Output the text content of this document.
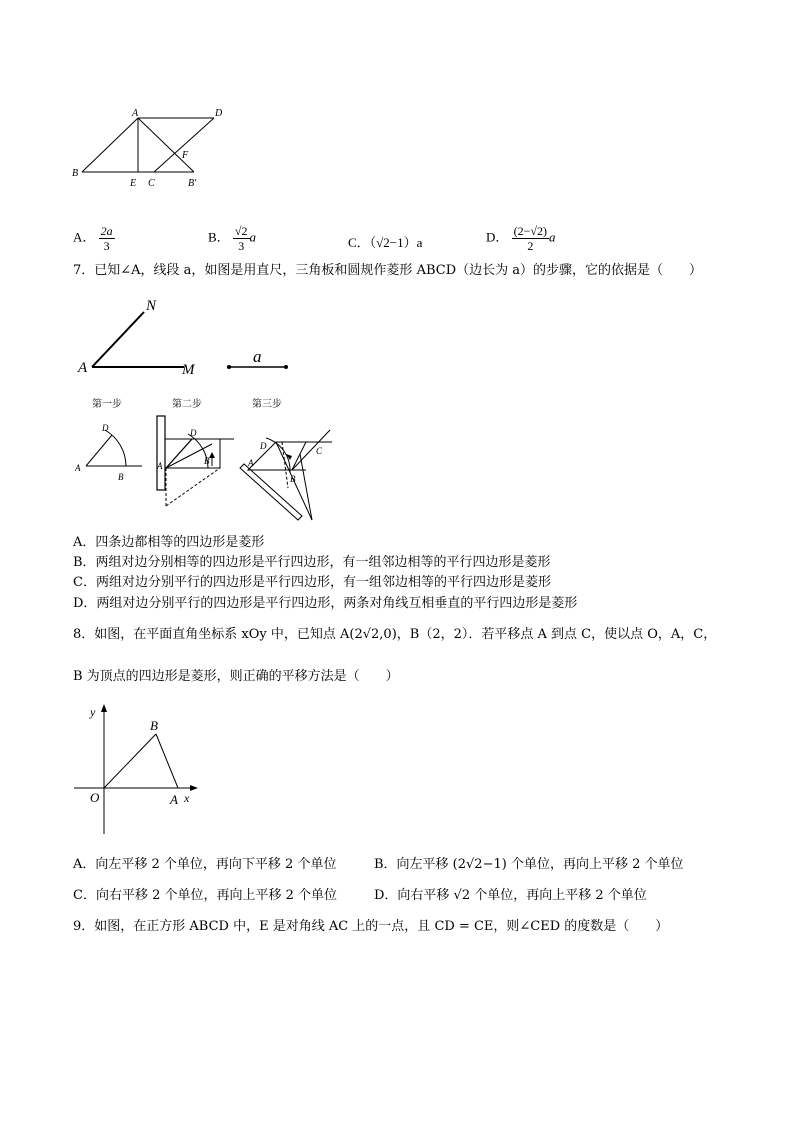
A	D
B
E C
F
B′
A． $\frac{2a}{3}$	B． $\frac{√2}{3}$ a	C．（√2−1）a	D． $\frac{(2-√2)}{2}$ a
7．已知∠A，线段 a，如图是用直尺，三角板和圆规作菱形 ABCD（边长为 a）的步骤，它的依据是（　　）
N
A	M
a
第一步	第二步	第三步
D
A
B
D
A	B
D
A
B
C
A．四条边都相等的四边形是菱形
B．两组对边分别相等的四边形是平行四边形，有一组邻边相等的平行四边形是菱形
C．两组对边分别平行的四边形是平行四边形，有一组邻边相等的平行四边形是菱形
D．两组对边分别平行的四边形是平行四边形，两条对角线互相垂直的平行四边形是菱形
8．如图，在平面直角坐标系 xOy 中，已知点 A(2√2,0)，B（2，2）．若平移点 A 到点 C，使以点 O，A，C，
B 为顶点的四边形是菱形，则正确的平移方法是（　　）
y
B
O	A x
A．向左平移 2 个单位，再向下平移 2 个单位	B．向左平移 (2√2−1) 个单位，再向上平移 2 个单位
C．向右平移 2 个单位，再向上平移 2 个单位	D．向右平移 √2 个单位，再向上平移 2 个单位
9．如图，在正方形 ABCD 中，E 是对角线 AC 上的一点，且 CD = CE，则∠CED 的度数是（　　）
